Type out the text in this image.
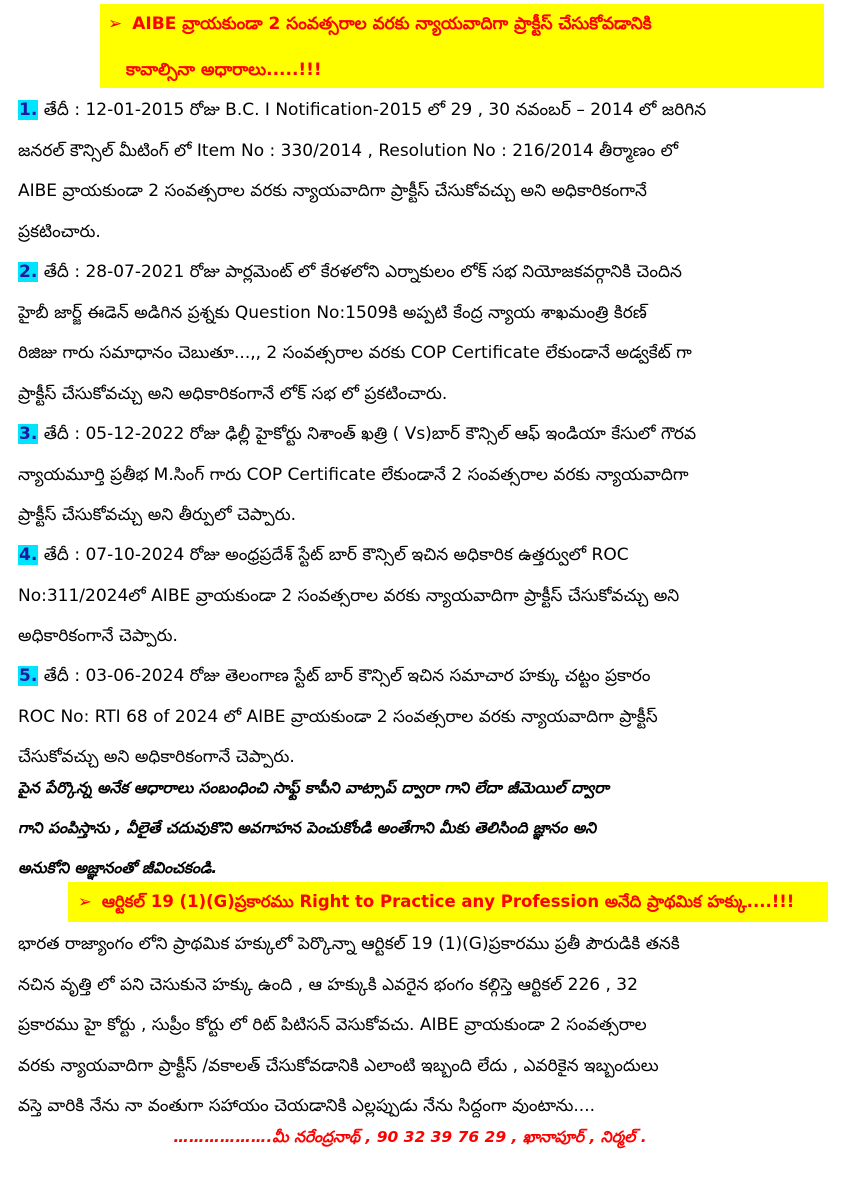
➢ AIBE వ్రాయకుండా 2 సంవత్సరాల వరకు న్యాయవాదిగా ప్రాక్టీస్ చేసుకోవడానికి
కావాల్సినా అధారాలు.....!!!
1. తేదీ : 12-01-2015 రోజు B.C. I Notification-2015 లో 29 , 30 నవంబర్ – 2014 లో జరిగిన
జనరల్ కౌన్సిల్ మీటింగ్ లో Item No : 330/2014 , Resolution No : 216/2014 తీర్మాణం లో
AIBE వ్రాయకుండా 2 సంవత్సరాల వరకు న్యాయవాదిగా ప్రాక్టీస్ చేసుకోవచ్చు అని అధికారికంగానే
ప్రకటించారు.
2. తేదీ : 28-07-2021 రోజు పార్లమెంట్ లో కేరళలోని ఎర్నాకులం లోక్ సభ నియోజకవర్గానికి చెందిన
హైబీ జార్జ్ ఈడెన్ అడిగిన ప్రశ్నకు Question No:1509కి అప్పటి కేంద్ర న్యాయ శాఖమంత్రి కిరణ్
రిజిజు గారు సమాధానం చెబుతూ...,, 2 సంవత్సరాల వరకు COP Certificate లేకుండానే అడ్వకేట్ గా
ప్రాక్టీస్ చేసుకోవచ్చు అని అధికారికంగానే లోక్ సభ లో ప్రకటించారు.
3. తేదీ : 05-12-2022 రోజు ఢిల్లీ హైకోర్టు నిశాంత్ ఖత్రి ( Vs)బార్ కౌన్సిల్ ఆఫ్ ఇండియా కేసులో గౌరవ
న్యాయమూర్తి ప్రతీభ M.సింగ్ గారు COP Certificate లేకుండానే 2 సంవత్సరాల వరకు న్యాయవాదిగా
ప్రాక్టీస్ చేసుకోవచ్చు అని తీర్పులో చెప్పారు.
4. తేదీ : 07-10-2024 రోజు అంధ్రప్రదేశ్ స్టేట్ బార్ కౌన్సిల్ ఇచిన అధికారిక ఉత్తర్వులో ROC
No:311/2024లో AIBE వ్రాయకుండా 2 సంవత్సరాల వరకు న్యాయవాదిగా ప్రాక్టీస్ చేసుకోవచ్చు అని
అధికారికంగానే చెప్పారు.
5. తేదీ : 03-06-2024 రోజు తెలంగాణ స్టేట్ బార్ కౌన్సిల్ ఇచిన సమాచార హక్కు చట్టం ప్రకారం
ROC No: RTI 68 of 2024 లో AIBE వ్రాయకుండా 2 సంవత్సరాల వరకు న్యాయవాదిగా ప్రాక్టీస్
చేసుకోవచ్చు అని అధికారికంగానే చెప్పారు.
పైన పేర్కొన్న అనేక ఆధారాలు సంబంధించి సాఫ్ట్ కాపీని వాట్సాప్ ద్వారా గాని లేదా జీమెయిల్ ద్వారా
గాని పంపిస్తాను , వీలైతే చదువుకొని అవగాహన పెంచుకోండి అంతేగాని మీకు తెలిసింది జ్ఞానం అని
అనుకోని అజ్ఞానంతో జీవించకండి.
➢ ఆర్టికల్ 19 (1)(G)ప్రకారము Right to Practice any Profession అనేది ప్రాథమిక హక్కు....!!!
భారత రాజ్యాంగం లోని ప్రాథమిక హక్కులో పెర్కొన్నా ఆర్టికల్ 19 (1)(G)ప్రకారము ప్రతీ పౌరుడికి తనకి
నచిన వృత్తి లో పని చెసుకునె హక్కు ఉంది , ఆ హక్కుకి ఎవరైన భంగం కల్గిస్తె ఆర్టికల్ 226 , 32
ప్రకారము హై కోర్టు , సుప్రీం కోర్టు లో రిట్ పిటిసన్ వెసుకోవచు. AIBE వ్రాయకుండా 2 సంవత్సరాల
వరకు న్యాయవాదిగా ప్రాక్టీస్ /వకాలత్ చేసుకోవడానికి ఎలాంటి ఇబ్బంది లేదు , ఎవరికైన ఇబ్బందులు
వస్తె వారికి నేను నా వంతుగా సహాయం చెయడానికి ఎల్లప్పుడు నేను సిద్దంగా వుంటాను....
……………….మీ నరేంద్రనాథ్ , 90 32 39 76 29 , ఖానాపూర్ , నిర్మల్ .
